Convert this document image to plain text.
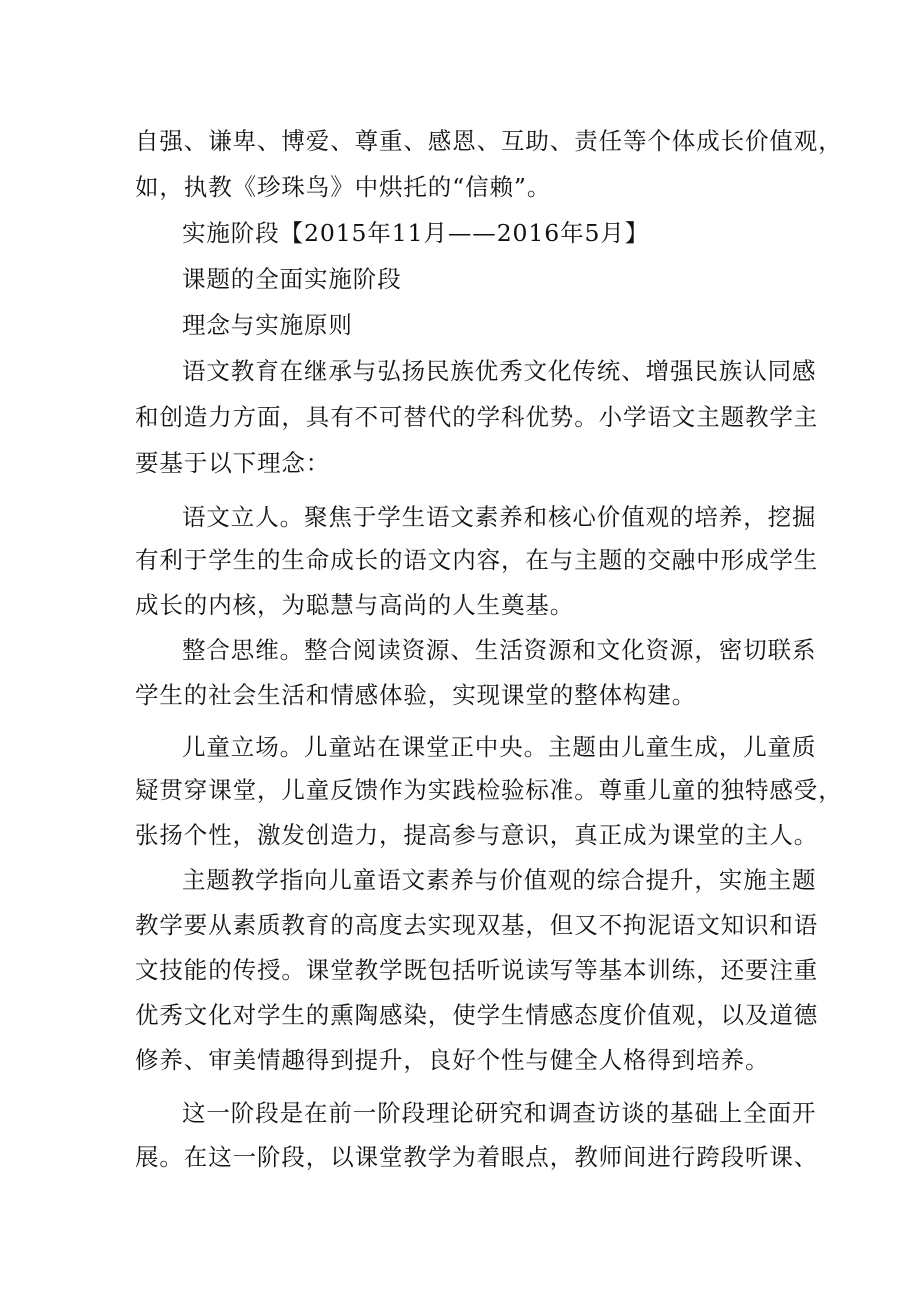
自强、谦卑、博爱、尊重、感恩、互助、责任等个体成长价值观，
如，执教《珍珠鸟》中烘托的“信赖”。
实施阶段【2015年11月——2016年5月】
课题的全面实施阶段
理念与实施原则
语文教育在继承与弘扬民族优秀文化传统、增强民族认同感
和创造力方面，具有不可替代的学科优势。小学语文主题教学主
要基于以下理念：
语文立人。聚焦于学生语文素养和核心价值观的培养，挖掘
有利于学生的生命成长的语文内容，在与主题的交融中形成学生
成长的内核，为聪慧与高尚的人生奠基。
整合思维。整合阅读资源、生活资源和文化资源，密切联系
学生的社会生活和情感体验，实现课堂的整体构建。
儿童立场。儿童站在课堂正中央。主题由儿童生成，儿童质
疑贯穿课堂，儿童反馈作为实践检验标准。尊重儿童的独特感受，
张扬个性，激发创造力，提高参与意识，真正成为课堂的主人。
主题教学指向儿童语文素养与价值观的综合提升，实施主题
教学要从素质教育的高度去实现双基，但又不拘泥语文知识和语
文技能的传授。课堂教学既包括听说读写等基本训练，还要注重
优秀文化对学生的熏陶感染，使学生情感态度价值观，以及道德
修养、审美情趣得到提升，良好个性与健全人格得到培养。
这一阶段是在前一阶段理论研究和调查访谈的基础上全面开
展。在这一阶段，以课堂教学为着眼点，教师间进行跨段听课、
